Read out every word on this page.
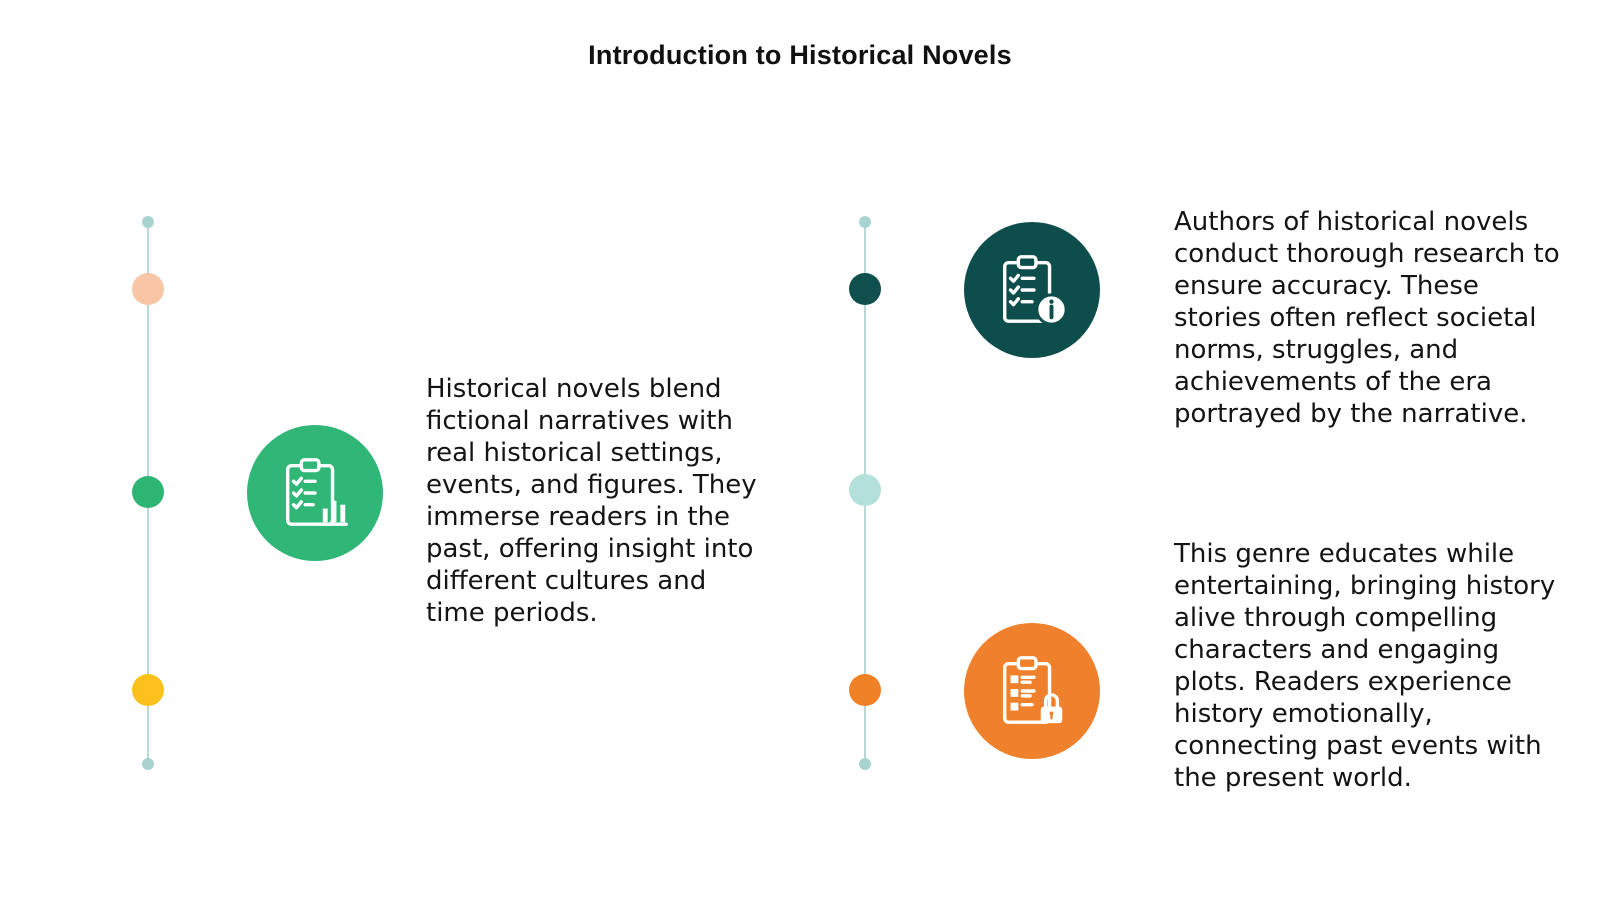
Introduction to Historical Novels

Historical novels blend fictional narratives with real historical settings, events, and figures. They immerse readers in the past, offering insight into different cultures and time periods.

Authors of historical novels conduct thorough research to ensure accuracy. These stories often reflect societal norms, struggles, and achievements of the era portrayed by the narrative.

This genre educates while entertaining, bringing history alive through compelling characters and engaging plots. Readers experience history emotionally, connecting past events with the present world.
